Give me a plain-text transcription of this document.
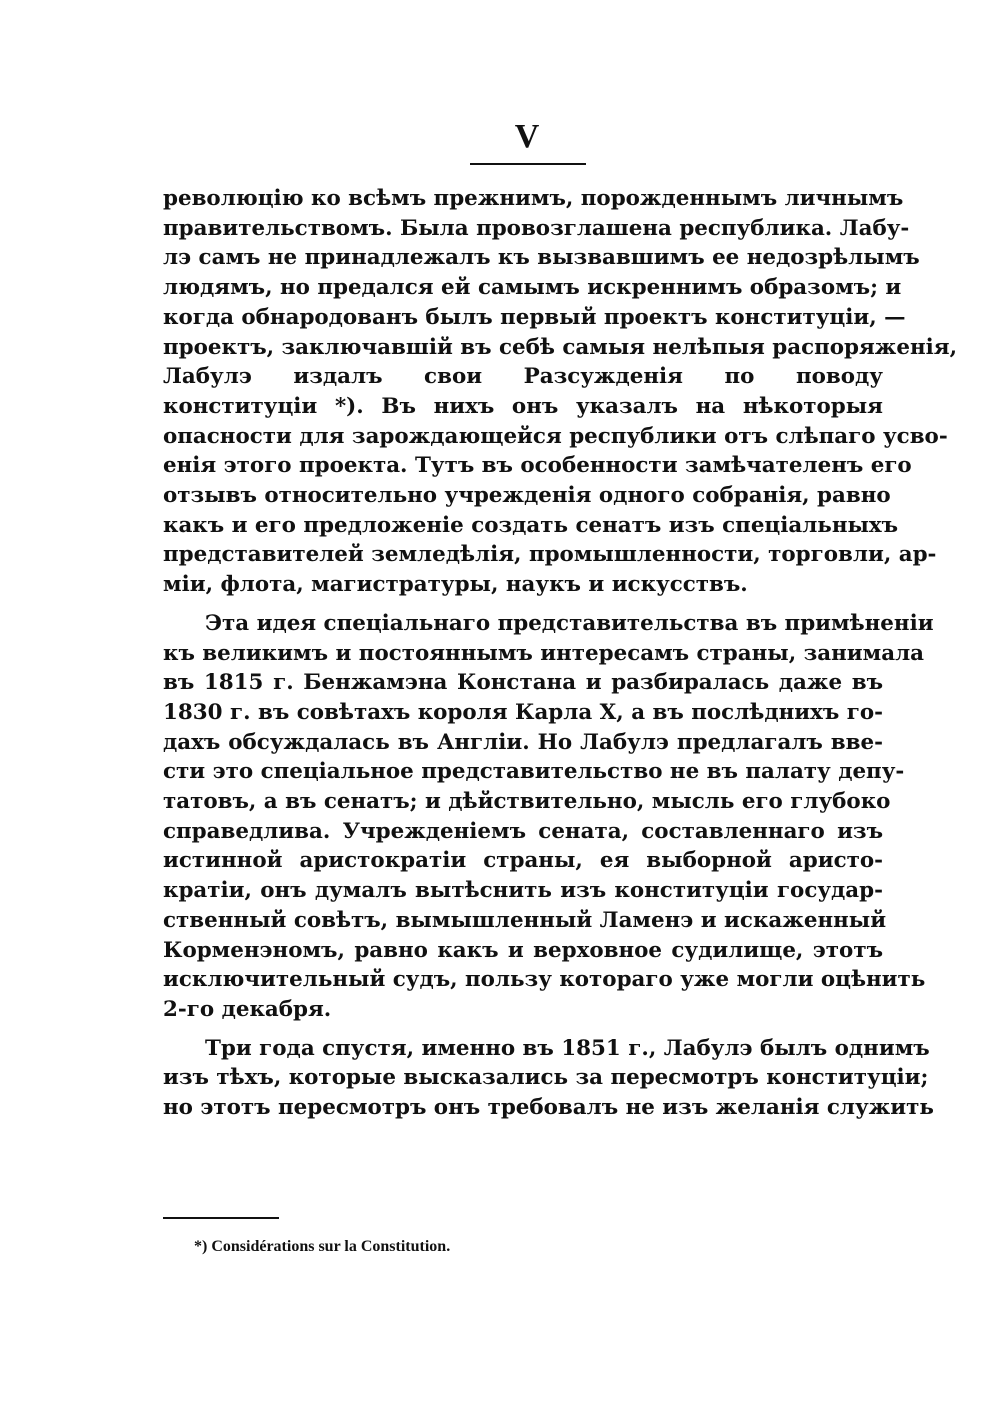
V
революцію ко всѣмъ прежнимъ, порожденнымъ личнымъ
правительствомъ. Была провозглашена республика. Лабу-
лэ самъ не принадлежалъ къ вызвавшимъ ее недозрѣлымъ
людямъ, но предался ей самымъ искреннимъ образомъ; и
когда обнародованъ былъ первый проектъ конституціи, —
проектъ, заключавшій въ себѣ самыя нелѣпыя распоряженія,
Лабулэ издалъ свои Разсужденія по поводу
конституціи *). Въ нихъ онъ указалъ на нѣкоторыя
опасности для зарождающейся республики отъ слѣпаго усво-
енія этого проекта. Тутъ въ особенности замѣчателенъ его
отзывъ относительно учрежденія одного собранія, равно
какъ и его предложеніе создать сенатъ изъ спеціальныхъ
представителей земледѣлія, промышленности, торговли, ар-
міи, флота, магистратуры, наукъ и искусствъ.
Эта идея спеціальнаго представительства въ примѣненіи
къ великимъ и постояннымъ интересамъ страны, занимала
въ 1815 г. Бенжамэна Констана и разбиралась даже въ
1830 г. въ совѣтахъ короля Карла X, а въ послѣднихъ го-
дахъ обсуждалась въ Англіи. Но Лабулэ предлагалъ вве-
сти это спеціальное представительство не въ палату депу-
татовъ, а въ сенатъ; и дѣйствительно, мысль его глубоко
справедлива. Учрежденіемъ сената, составленнаго изъ
истинной аристократіи страны, ея выборной аристо-
кратіи, онъ думалъ вытѣснить изъ конституціи государ-
ственный совѣтъ, вымышленный Ламенэ и искаженный
Корменэномъ, равно какъ и верховное судилище, этотъ
исключительный судъ, пользу котораго уже могли оцѣнить
2-го декабря.
Три года спустя, именно въ 1851 г., Лабулэ былъ однимъ
изъ тѣхъ, которые высказались за пересмотръ конституціи;
но этотъ пересмотръ онъ требовалъ не изъ желанія служить
*) Considérations sur la Constitution.
